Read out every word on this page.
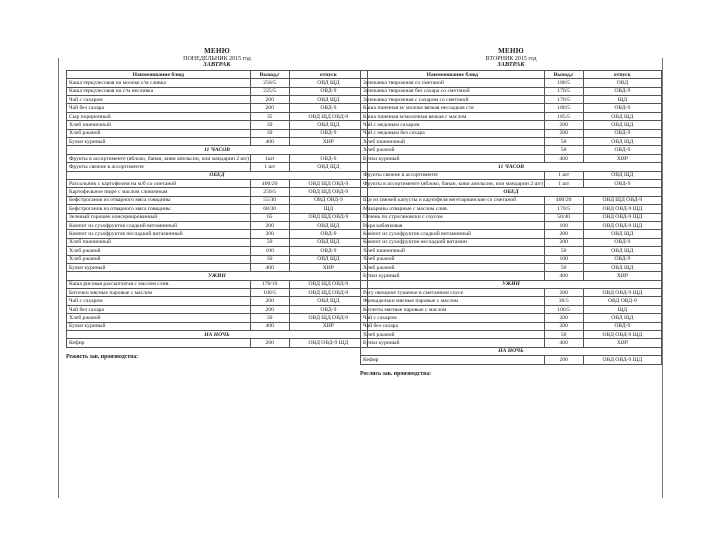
МЕНЮ
ПОНЕДЕЛЬНИК 2015 год
ЗАВТРАК
Наименование блюд	Выход,г	отпуск
Каша геркулесовая на молоке с/м сливка	250/5	ОВД ЩД
Каша геркулесовая на с/м несливка	225/5	ОВД-9
Чай с сахаром	200	ОВД ЩД
Чай без сахара	200	ОВД-9
Сыр порционный	35	ОВД ЩД ОВД-9
Хлеб пшеничный	50	ОВД ЩД
Хлеб ржаной	50	ОВД-9
Булки куриный	400	ХИР
11 ЧАСОВ		
Фрукты в ассортименте (яблоко, банан, киви апельсин, или мандарин 2 шт)	1шт	ОВД-9
Фрукты свежие в ассортименте	1 шт	ОВД ЩД
ОБЕД		
Рассольник с картофелем на м/б со сметаной	400/20	ОВД ЩД ОВД-9
Картофельное пюре с маслом сливочным	250/5	ОВД ЩД ОВД-9
Бефстроганов из отварного мяса говядины	55/30	ОВД ОВД-9
Бефстроганов из отварного мяса говядины	68/30	ЩД
Зеленый горошек консервированный	65	ОВД ЩД ОВД-9
Компот из сухофруктов сладкий витаминный	200	ОВД ЩД
Компот из сухофруктов несладкий витаминный	200	ОВД-9
Хлеб пшеничный	50	ОВД ЩД
Хлеб ржаной	100	ОВД-9
Хлеб ржаной	50	ОВД ЩД
Булки куриный	400	ХИР
УЖИН		
Каша рисовая рассыпчатая с маслом слив.	170/10	ОВД ЩД ОВД-9
Биточки мясные паровые с маслом	100/5	ОВД ЩД ОВД-9
Чай с сахаром	200	ОВД ЩД
Чай без сахара	200	ОВД-9
Хлеб ржаной	50	ОВД ЩД ОВД-9
Булки куриный	400	ХИР
НА НОЧЬ		
Кефир	200	ОВД ОВД-9 ЩД
Режисть зав. производства:
МЕНЮ
ВТОРНИК 2015 год
ЗАВТРАК
Наименование блюд	Выход,г	отпуск
Запеканка творожная со сметаной	180/5	ОВД
Запеканка творожная без сахара со сметаной	170/5	ОВД-9
Запеканка творожная с сахаром со сметаной	170/5	ЩД
Каша пшенная м/ молоке вязкая несладкая с/м	180/5	ОВД-9
Каша пшенная м/молочная вязкая с маслом	185/5	ОВД ЩД
Чай с медовым сахаром	200	ОВД ЩД
Чай с медовым без сахара	200	ОВД-9
Хлеб пшеничный	50	ОВД ЩД
Хлеб ржаной	50	ОВД-9
Булки куриный	400	ХИР
11 ЧАСОВ		
Фрукты свежие в ассортименте	1 шт	ОВД ЩД
Фрукты в ассортименте (яблоко, банан, киви апельсин, или мандарин 2 шт)	1 шт	ОВД-9
ОБЕД		
Щи из свежей капусты и картофеля вегетарианские со сметаной	400/20	ОВД ЩД ОВД-9
Макароны отварные с маслом слив.	170/5	ОВД ОВД-9 ЩД
Печень по строгановски с соусом	50/40	ОВД ОВД-9 ЩД
Икра кабачковая	100	ОВД ОВД-9 ЩД
Компот из сухофруктов сладкий витаминный	200	ОВД ЩД
Компот из сухофруктов несладкий витамин	200	ОВД-9
Хлеб пшеничный	50	ОВД ЩД
Хлеб ржаной	100	ОВД-9
Хлеб ржаной	50	ОВД ЩД
Булки куриный	400	ХИР
УЖИН		
Рагу овощное тушеное в сметанном соусе	200	ОВД ОВД-9 ЩД
Фрикадельки мясные паровые с маслом	30/5	ОВД ОВД-9
Котлеты мясные паровые с маслом	100/5	ЩД
Чай с сахаром	200	ОВД ЩД
Чай без сахара	200	ОВД-9
Хлеб ржаной	50	ОВД ОВД-9 ЩД
Булки куриный	400	ХИР
НА НОЧЬ		
Кефир	200	ОВД ОВД-9 ЩД
Рослись зав. производства:
